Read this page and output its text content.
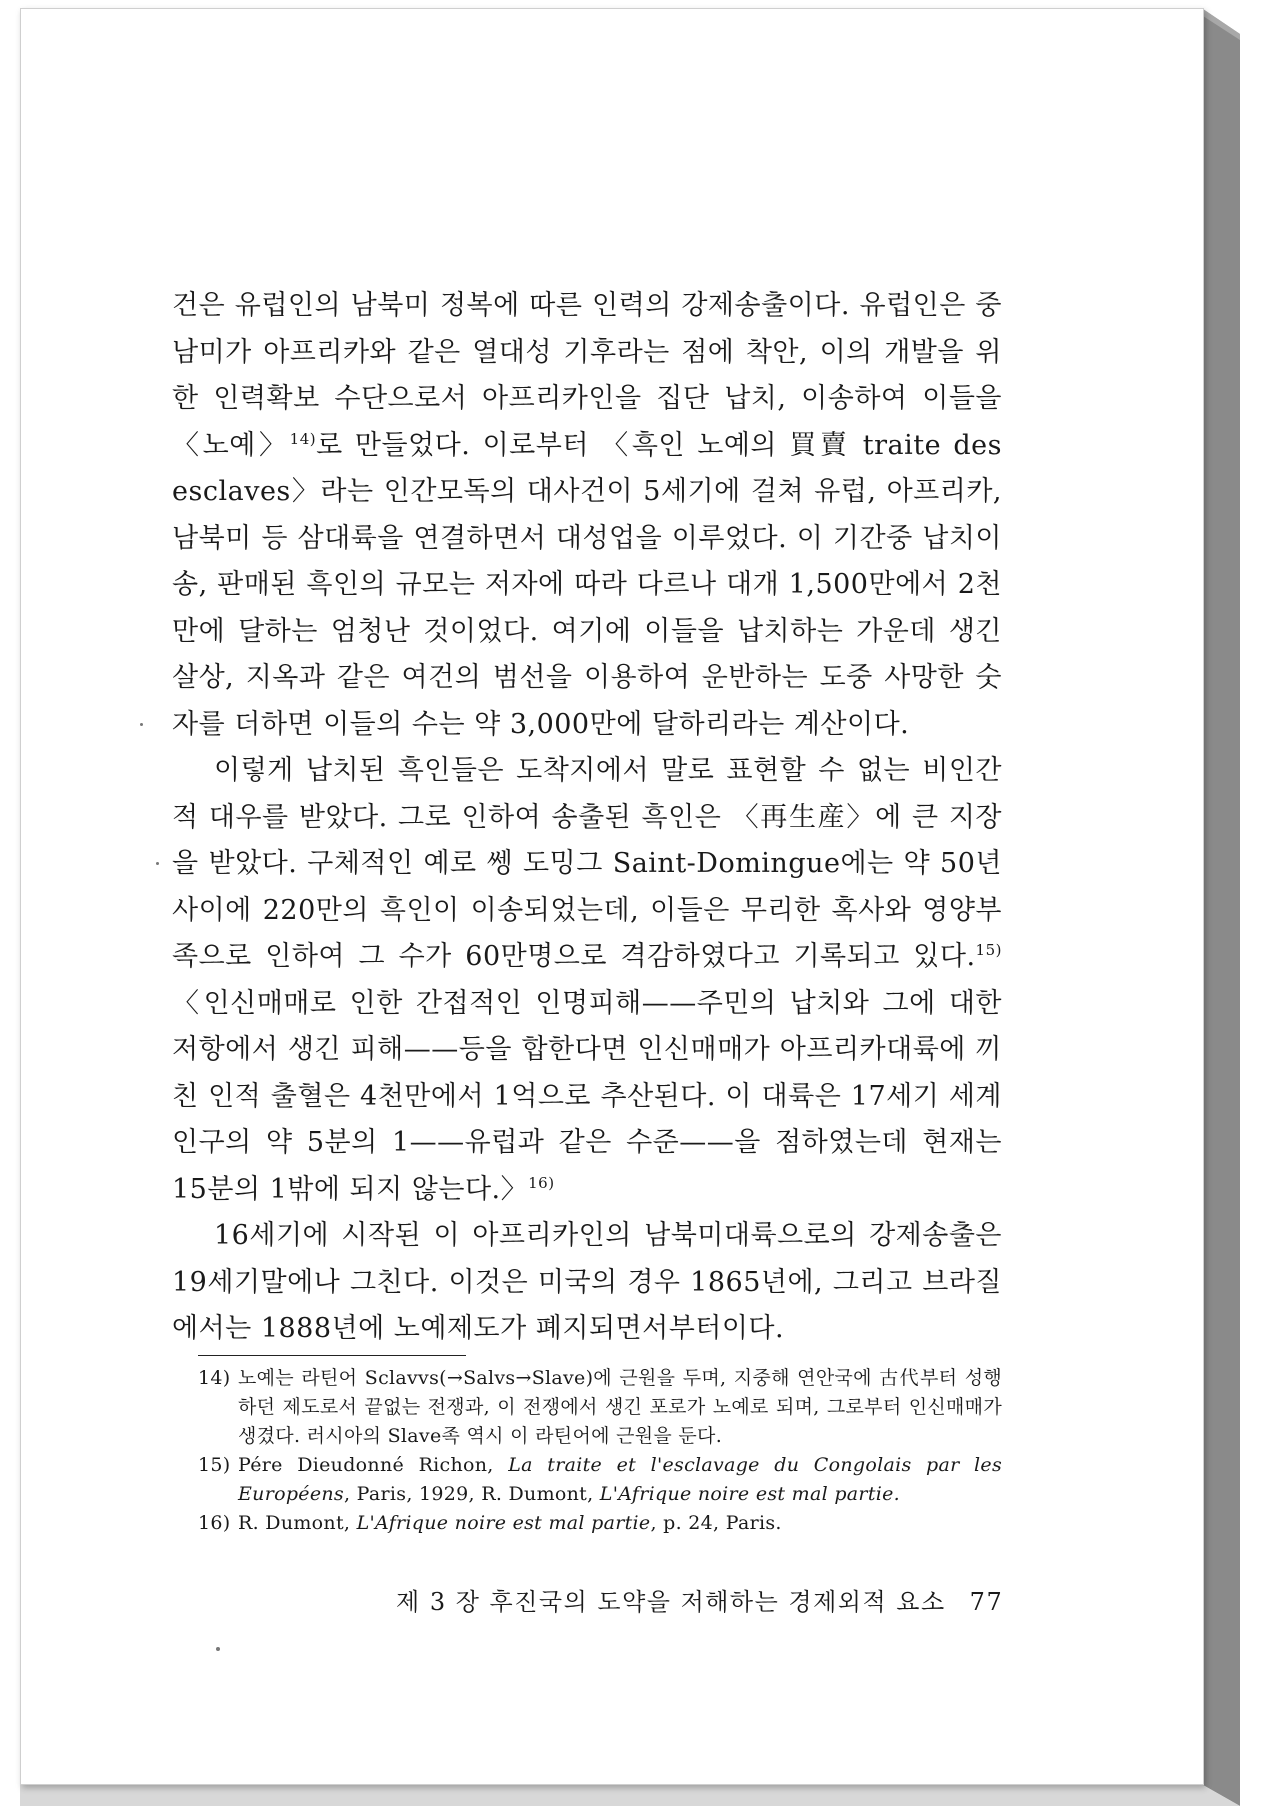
건은 유럽인의 남북미 정복에 따른 인력의 강제송출이다. 유럽인은 중남미가 아프리카와 같은 열대성 기후라는 점에 착안, 이의 개발을 위한 인력확보 수단으로서 아프리카인을 집단 납치, 이송하여 이들을 〈노예〉$^{14)}$로 만들었다. 이로부터 〈흑인 노예의 買賣 traite des esclaves〉라는 인간모독의 대사건이 5세기에 걸쳐 유럽, 아프리카, 남북미 등 삼대륙을 연결하면서 대성업을 이루었다. 이 기간중 납치이송, 판매된 흑인의 규모는 저자에 따라 다르나 대개 1,500만에서 2천만에 달하는 엄청난 것이었다. 여기에 이들을 납치하는 가운데 생긴 살상, 지옥과 같은 여건의 범선을 이용하여 운반하는 도중 사망한 숫자를 더하면 이들의 수는 약 3,000만에 달하리라는 계산이다.

이렇게 납치된 흑인들은 도착지에서 말로 표현할 수 없는 비인간적 대우를 받았다. 그로 인하여 송출된 흑인은 〈再生産〉에 큰 지장을 받았다. 구체적인 예로 쎙 도밍그 Saint-Domingue에는 약 50년 사이에 220만의 흑인이 이송되었는데, 이들은 무리한 혹사와 영양부족으로 인하여 그 수가 60만명으로 격감하였다고 기록되고 있다.$^{15)}$ 〈인신매매로 인한 간접적인 인명피해——주민의 납치와 그에 대한 저항에서 생긴 피해——등을 합한다면 인신매매가 아프리카대륙에 끼친 인적 출혈은 4천만에서 1억으로 추산된다. 이 대륙은 17세기 세계인구의 약 5분의 1——유럽과 같은 수준——을 점하였는데 현재는 15분의 1밖에 되지 않는다.〉$^{16)}$

16세기에 시작된 이 아프리카인의 남북미대륙으로의 강제송출은 19세기말에나 그친다. 이것은 미국의 경우 1865년에, 그리고 브라질에서는 1888년에 노예제도가 폐지되면서부터이다.

14) 노예는 라틴어 Sclavvs(→Salvs→Slave)에 근원을 두며, 지중해 연안국에 古代부터 성행하던 제도로서 끝없는 전쟁과, 이 전쟁에서 생긴 포로가 노예로 되며, 그로부터 인신매매가 생겼다. 러시아의 Slave족 역시 이 라틴어에 근원을 둔다.

15) Pére Dieudonné Richon, La traite et l'esclavage du Congolais par les Européens, Paris, 1929, R. Dumont, L'Afrique noire est mal partie.

16) R. Dumont, L'Afrique noire est mal partie, p. 24, Paris.

제 3 장 후진국의 도약을 저해하는 경제외적 요소 77
